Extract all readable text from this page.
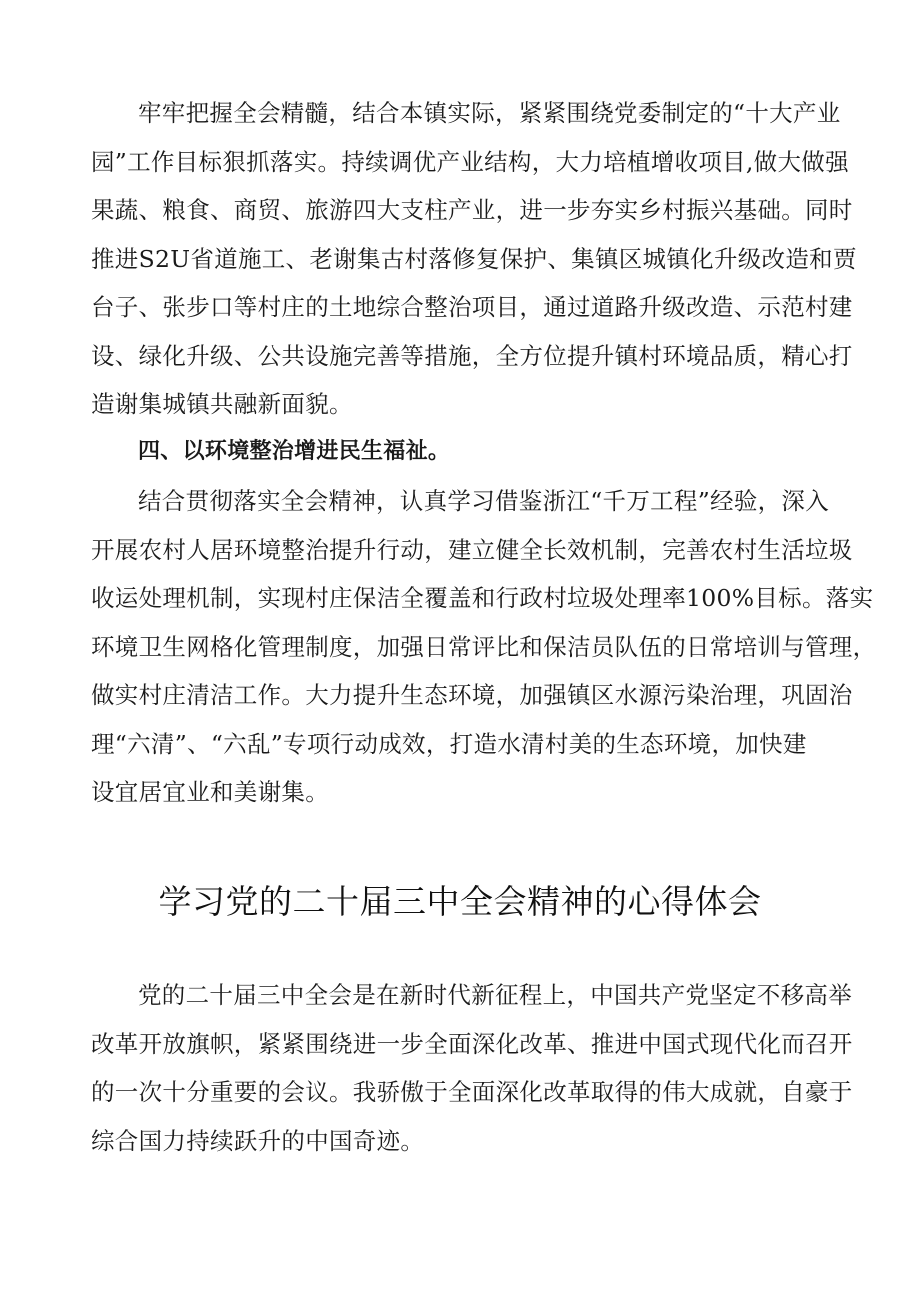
牢牢把握全会精髓，结合本镇实际，紧紧围绕党委制定的“十大产业
园”工作目标狠抓落实。持续调优产业结构，大力培植增收项目,做大做强
果蔬、粮食、商贸、旅游四大支柱产业，进一步夯实乡村振兴基础。同时
推进S2U省道施工、老谢集古村落修复保护、集镇区城镇化升级改造和贾
台子、张步口等村庄的土地综合整治项目，通过道路升级改造、示范村建
设、绿化升级、公共设施完善等措施，全方位提升镇村环境品质，精心打
造谢集城镇共融新面貌。
四、以环境整治增进民生福祉。
结合贯彻落实全会精神，认真学习借鉴浙江“千万工程”经验，深入
开展农村人居环境整治提升行动，建立健全长效机制，完善农村生活垃圾
收运处理机制，实现村庄保洁全覆盖和行政村垃圾处理率100%目标。落实
环境卫生网格化管理制度，加强日常评比和保洁员队伍的日常培训与管理，
做实村庄清洁工作。大力提升生态环境，加强镇区水源污染治理，巩固治
理“六清”、“六乱”专项行动成效，打造水清村美的生态环境，加快建
设宜居宜业和美谢集。
学习党的二十届三中全会精神的心得体会
党的二十届三中全会是在新时代新征程上，中国共产党坚定不移高举
改革开放旗帜，紧紧围绕进一步全面深化改革、推进中国式现代化而召开
的一次十分重要的会议。我骄傲于全面深化改革取得的伟大成就，自豪于
综合国力持续跃升的中国奇迹。
